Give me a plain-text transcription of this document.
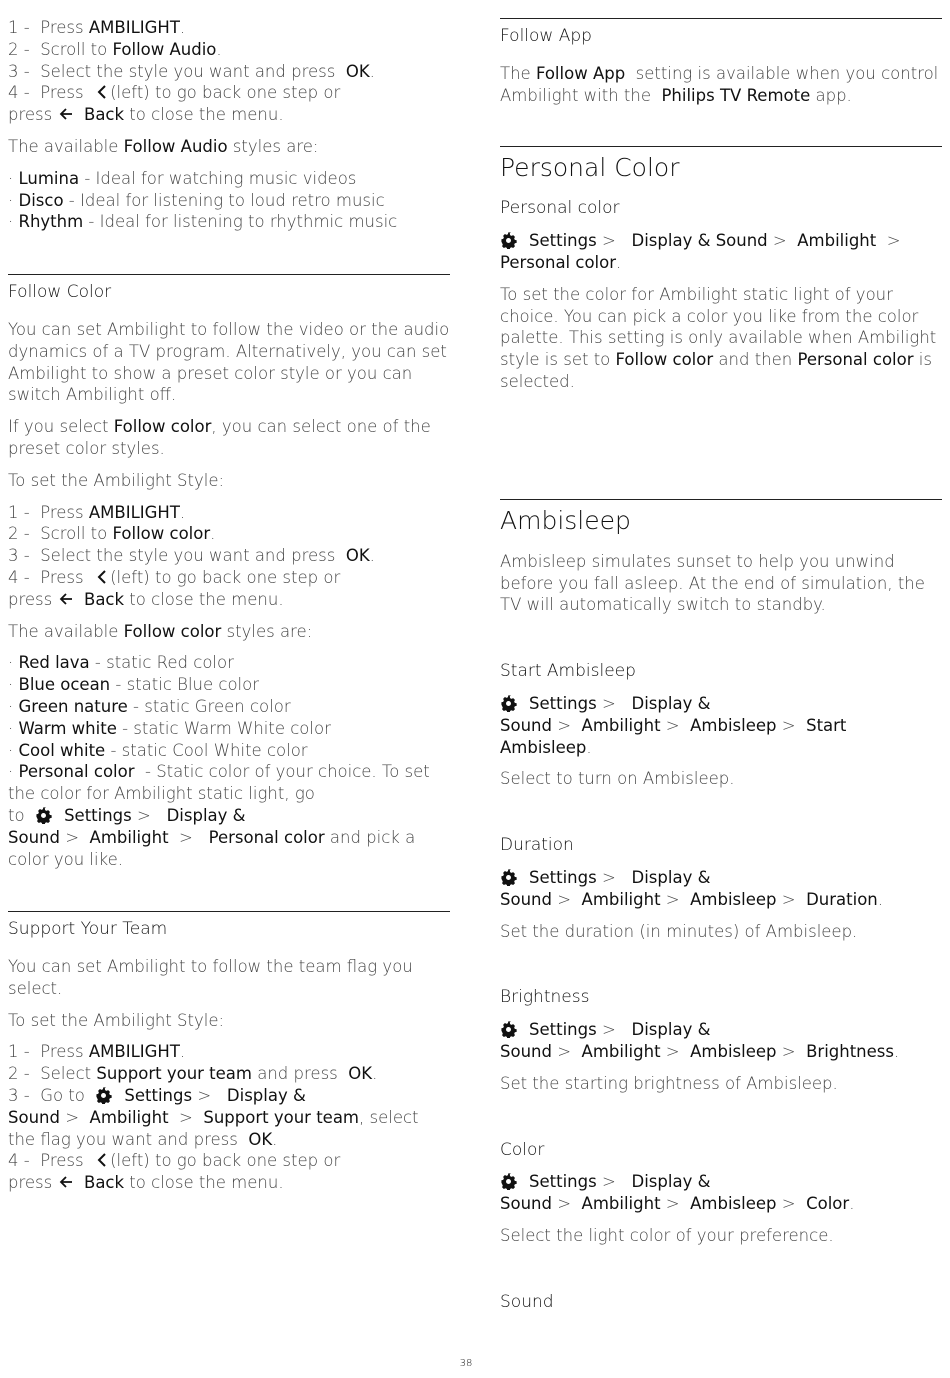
1 - Press AMBILIGHT.

2 - Scroll to Follow Audio.

3 - Select the style you want and press  OK.

4 - Press
(left) to go back one step or

press Back to close the menu.

The available Follow Audio styles are:

· Lumina - Ideal for watching music videos

· Disco - Ideal for listening to loud retro music

· Rhythm - Ideal for listening to rhythmic music

Follow Color

You can set Ambilight to follow the video or the audio dynamics of a TV program. Alternatively, you can set Ambilight to show a preset color style or you can switch Ambilight off.

If you select Follow color, you can select one of the preset color styles.

To set the Ambilight Style:

1 - Press AMBILIGHT.

2 - Scroll to Follow color.

3 - Select the style you want and press  OK.

4 - Press
(left) to go back one step or

press Back to close the menu.

The available Follow color styles are:

· Red lava - static Red color

· Blue ocean - static Blue color

· Green nature - static Green color

· Warm white - static Warm White color

· Cool white - static Cool White color

· Personal color  - Static color of your choice. To set the color for Ambilight static light, go

to Settings > Display &

Sound > Ambilight > Personal color and pick a color you like.

Support Your Team

You can set Ambilight to follow the team flag you select.

To set the Ambilight Style:

1 - Press AMBILIGHT.

2 - Select Support your team and press  OK.

3 - Go to Settings > Display &

Sound > Ambilight > Support your team, select the flag you want and press  OK.

4 - Press
(left) to go back one step or

press Back to close the menu.

Follow App

The Follow App  setting is available when you control Ambilight with the  Philips TV Remote app.

Personal Color

Personal color

Settings > Display & Sound > Ambilight >

Personal color.

To set the color for Ambilight static light of your choice. You can pick a color you like from the color palette. This setting is only available when Ambilight style is set to Follow color and then Personal color is selected.

Ambisleep

Ambisleep simulates sunset to help you unwind before you fall asleep. At the end of simulation, the TV will automatically switch to standby.

Start Ambisleep

Settings > Display &

Sound > Ambilight > Ambisleep > Start Ambisleep.

Select to turn on Ambisleep.

Duration

Settings > Display &

Sound > Ambilight > Ambisleep > Duration.

Set the duration (in minutes) of Ambisleep.

Brightness

Settings > Display &

Sound > Ambilight > Ambisleep > Brightness.

Set the starting brightness of Ambisleep.

Color

Settings > Display &

Sound > Ambilight > Ambisleep > Color.

Select the light color of your preference.

Sound

38
